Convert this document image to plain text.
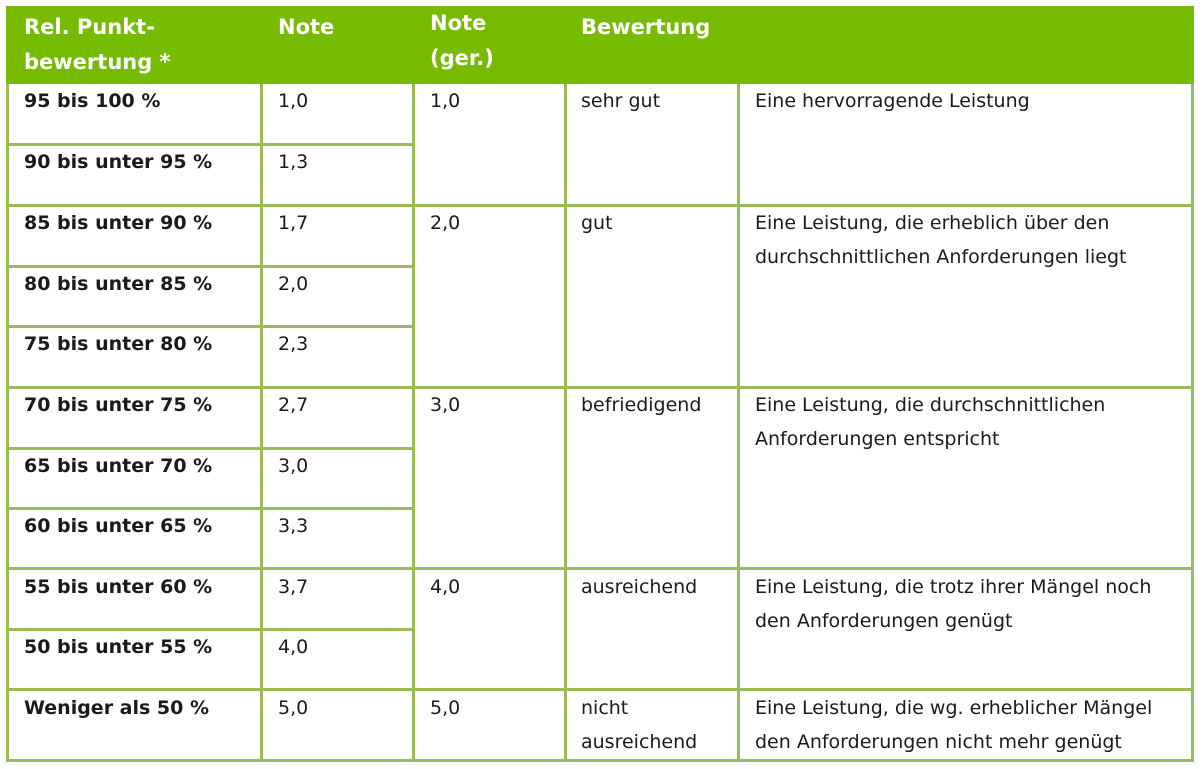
Rel. Punkt-
bewertung *
Note	Note
(ger.)
Bewertung
95 bis 100 %
90 bis unter 95 %
85 bis unter 90 %
80 bis unter 85 %
75 bis unter 80 %
70 bis unter 75 %
65 bis unter 70 %
60 bis unter 65 %
55 bis unter 60 %
50 bis unter 55 %
Weniger als 50 %
1,0
1,3
1,7
2,0
2,3
2,7
3,0
3,3
3,7
4,0
5,0
1,0
2,0
3,0
4,0
5,0
sehr gut
gut
befriedigend
ausreichend
nicht
ausreichend
Eine hervorragende Leistung
Eine Leistung, die erheblich über den
durchschnittlichen Anforderungen liegt
Eine Leistung, die durchschnittlichen
Anforderungen entspricht
Eine Leistung, die trotz ihrer Mängel noch
den Anforderungen genügt
Eine Leistung, die wg. erheblicher Mängel
den Anforderungen nicht mehr genügt
